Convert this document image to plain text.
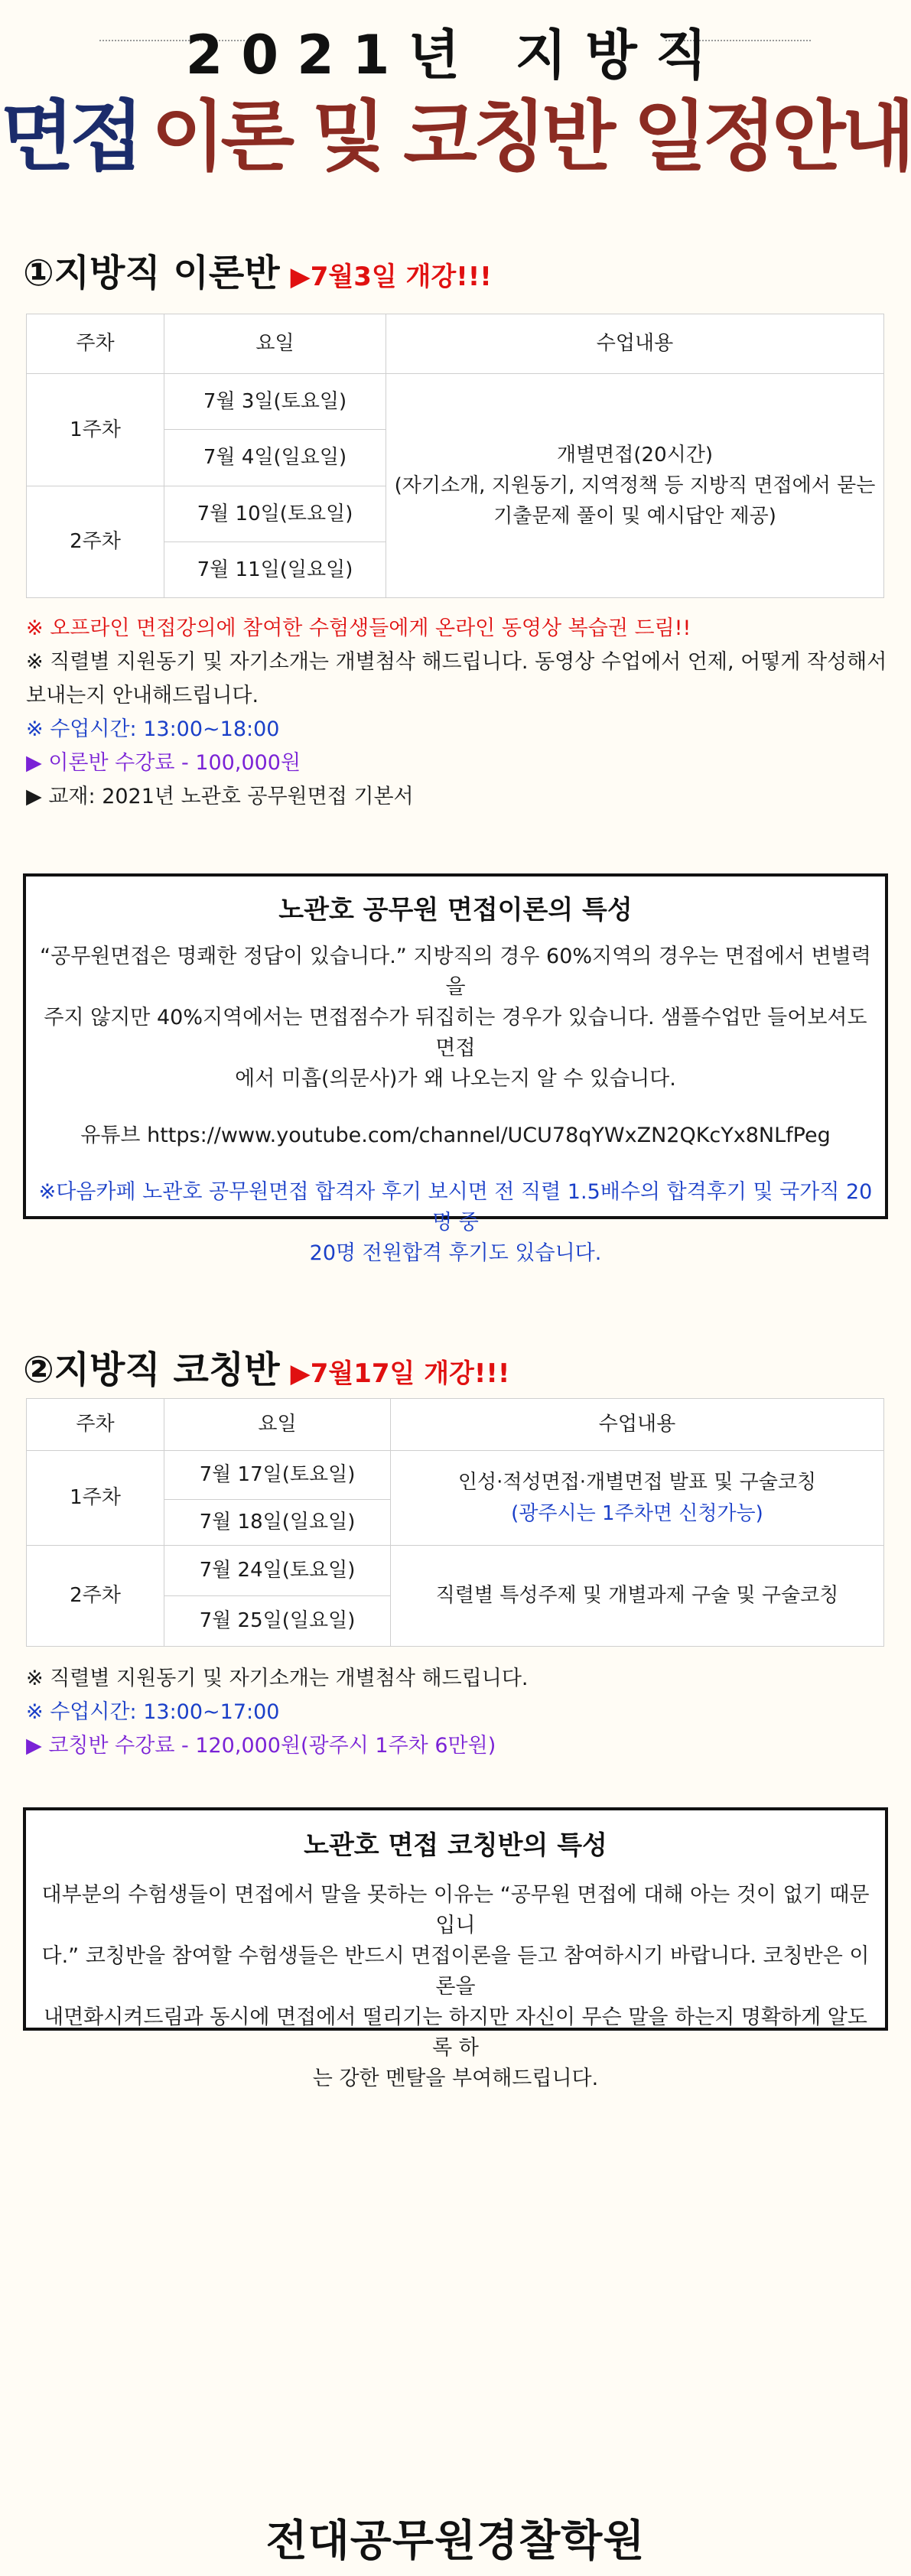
2021년 지방직
면접 이론 및 코칭반 일정안내
①지방직 이론반 ▶7월3일 개강!!!
주차	요일	수업내용
1주차	7월 3일(토요일)	개별면접(20시간)
(자기소개, 지원동기, 지역정책 등 지방직 면접에서 묻는
기출문제 풀이 및 예시답안 제공)

	7월 4일(일요일)	
2주차	7월 10일(토요일)	
	7월 11일(일요일)	
※ 오프라인 면접강의에 참여한 수험생들에게 온라인 동영상 복습권 드림!!
※ 직렬별 지원동기 및 자기소개는 개별첨삭 해드립니다. 동영상 수업에서 언제, 어떻게 작성해서
보내는지 안내해드립니다.
※ 수업시간: 13:00~18:00
▶ 이론반 수강료 - 100,000원
▶ 교재: 2021년 노관호 공무원면접 기본서
노관호 공무원 면접이론의 특성

“공무원면접은 명쾌한 정답이 있습니다.” 지방직의 경우 60%지역의 경우는 면접에서 변별력을

주지 않지만 40%지역에서는 면접점수가 뒤집히는 경우가 있습니다. 샘플수업만 들어보셔도 면접

에서 미흡(의문사)가 왜 나오는지 알 수 있습니다.

유튜브 https://www.youtube.com/channel/UCU78qYWxZN2QKcYx8NLfPeg

※다음카페 노관호 공무원면접 합격자 후기 보시면 전 직렬 1.5배수의 합격후기 및 국가직 20명 중

20명 전원합격 후기도 있습니다.

②지방직 코칭반 ▶7월17일 개강!!!
주차	요일	수업내용
1주차	7월 17일(토요일)	인성·적성면접·개별면접 발표 및 구술코칭
(광주시는 1주차면 신청가능)

	7월 18일(일요일)	
2주차	7월 24일(토요일)	직렬별 특성주제 및 개별과제 구술 및 구술코칭
	7월 25일(일요일)	
※ 직렬별 지원동기 및 자기소개는 개별첨삭 해드립니다.
※ 수업시간: 13:00~17:00
▶ 코칭반 수강료 - 120,000원(광주시 1주차 6만원)
노관호 면접 코칭반의 특성

대부분의 수험생들이 면접에서 말을 못하는 이유는 “공무원 면접에 대해 아는 것이 없기 때문입니

다.” 코칭반을 참여할 수험생들은 반드시 면접이론을 듣고 참여하시기 바랍니다. 코칭반은 이론을

내면화시켜드림과 동시에 면접에서 떨리기는 하지만 자신이 무슨 말을 하는지 명확하게 알도록 하

는 강한 멘탈을 부여해드립니다.

전대공무원경찰학원
